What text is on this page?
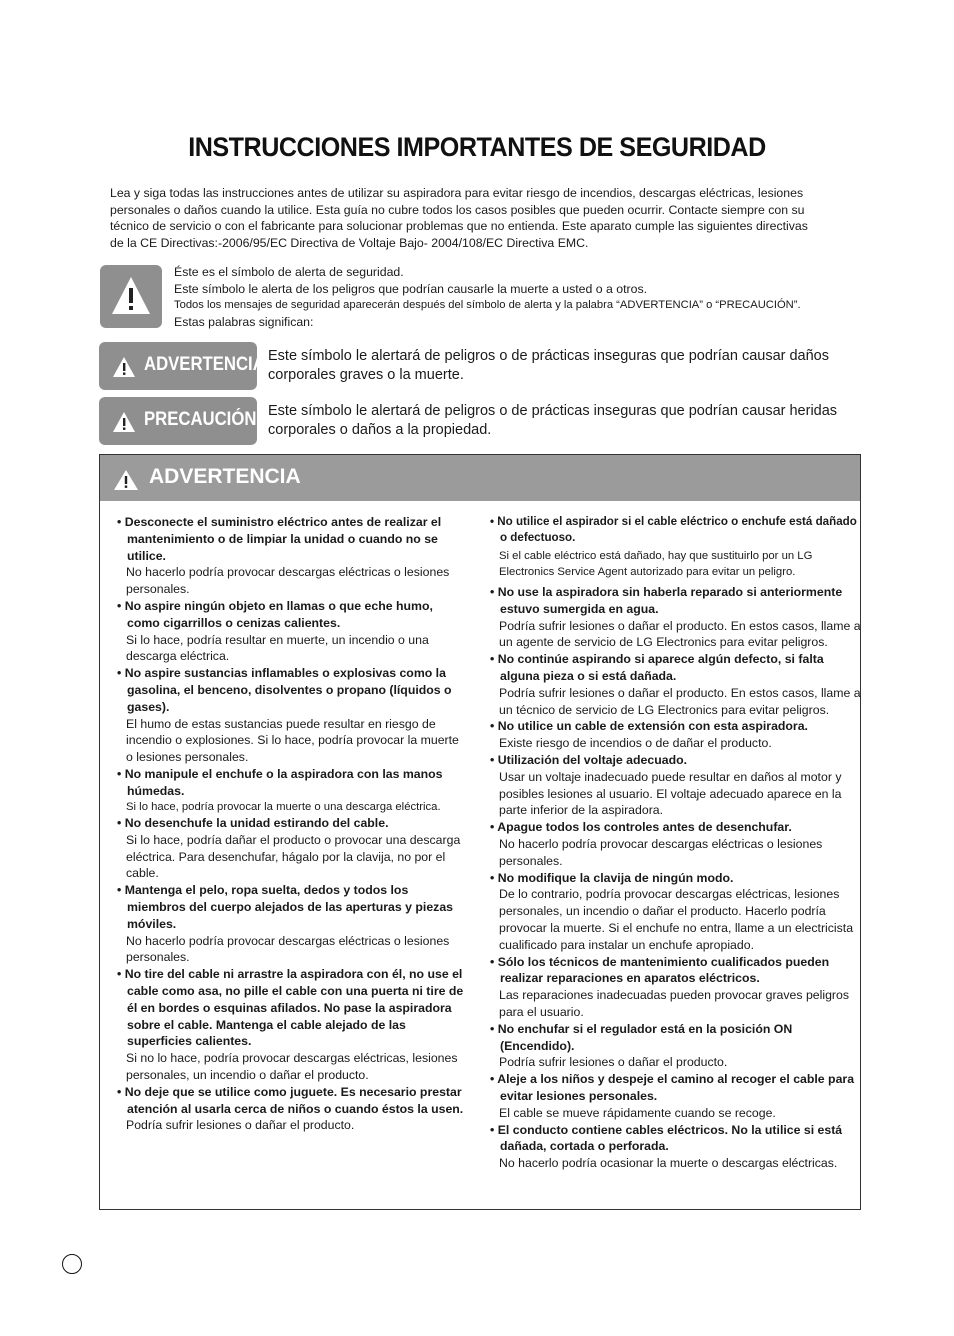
INSTRUCCIONES IMPORTANTES DE SEGURIDAD
Lea y siga todas las instrucciones antes de utilizar su aspiradora para evitar riesgo de incendios, descargas eléctricas, lesiones
personales o daños cuando la utilice. Esta guía no cubre todos los casos posibles que pueden ocurrir. Contacte siempre con su
técnico de servicio o con el fabricante para solucionar problemas que no entienda. Este aparato cumple las siguientes directivas
de la CE Directivas:-2006/95/EC Directiva de Voltaje Bajo- 2004/108/EC Directiva EMC.
Éste es el símbolo de alerta de seguridad.
Este símbolo le alerta de los peligros que podrían causarle la muerte a usted o a otros.
Todos los mensajes de seguridad aparecerán después del símbolo de alerta y la palabra “ADVERTENCIA” o “PRECAUCIÓN”.
Estas palabras significan:
ADVERTENCIA Este símbolo le alertará de peligros o de prácticas inseguras que podrían causar daños corporales graves o la muerte.
PRECAUCIÓN Este símbolo le alertará de peligros o de prácticas inseguras que podrían causar heridas corporales o daños a la propiedad.
ADVERTENCIA
• Desconecte el suministro eléctrico antes de realizar el mantenimiento o de limpiar la unidad o cuando no se utilice.
No hacerlo podría provocar descargas eléctricas o lesiones personales.
• No aspire ningún objeto en llamas o que eche humo, como cigarrillos o cenizas calientes.
Si lo hace, podría resultar en muerte, un incendio o una descarga eléctrica.
• No aspire sustancias inflamables o explosivas como la gasolina, el benceno, disolventes o propano (líquidos o gases).
El humo de estas sustancias puede resultar en riesgo de incendio o explosiones. Si lo hace, podría provocar la muerte o lesiones personales.
• No manipule el enchufe o la aspiradora con las manos húmedas.
Si lo hace, podría provocar la muerte o una descarga eléctrica.
• No desenchufe la unidad estirando del cable.
Si lo hace, podría dañar el producto o provocar una descarga eléctrica. Para desenchufar, hágalo por la clavija, no por el cable.
• Mantenga el pelo, ropa suelta, dedos y todos los miembros del cuerpo alejados de las aperturas y piezas móviles.
No hacerlo podría provocar descargas eléctricas o lesiones personales.
• No tire del cable ni arrastre la aspiradora con él, no use el cable como asa, no pille el cable con una puerta ni tire de él en bordes o esquinas afilados. No pase la aspiradora sobre el cable. Mantenga el cable alejado de las superficies calientes.
Si no lo hace, podría provocar descargas eléctricas, lesiones personales, un incendio o dañar el producto.
• No deje que se utilice como juguete. Es necesario prestar atención al usarla cerca de niños o cuando éstos la usen.
Podría sufrir lesiones o dañar el producto.
• No utilice el aspirador si el cable eléctrico o enchufe está dañado o defectuoso.
Si el cable eléctrico está dañado, hay que sustituirlo por un LG Electronics Service Agent autorizado para evitar un peligro.
• No use la aspiradora sin haberla reparado si anteriormente estuvo sumergida en agua.
Podría sufrir lesiones o dañar el producto. En estos casos, llame a un agente de servicio de LG Electronics para evitar peligros.
• No continúe aspirando si aparece algún defecto, si falta alguna pieza o si está dañada.
Podría sufrir lesiones o dañar el producto. En estos casos, llame a un técnico de servicio de LG Electronics para evitar peligros.
• No utilice un cable de extensión con esta aspiradora.
Existe riesgo de incendios o de dañar el producto.
• Utilización del voltaje adecuado.
Usar un voltaje inadecuado puede resultar en daños al motor y posibles lesiones al usuario. El voltaje adecuado aparece en la parte inferior de la aspiradora.
• Apague todos los controles antes de desenchufar.
No hacerlo podría provocar descargas eléctricas o lesiones personales.
• No modifique la clavija de ningún modo.
De lo contrario, podría provocar descargas eléctricas, lesiones personales, un incendio o dañar el producto. Hacerlo podría provocar la muerte. Si el enchufe no entra, llame a un electricista cualificado para instalar un enchufe apropiado.
• Sólo los técnicos de mantenimiento cualificados pueden realizar reparaciones en aparatos eléctricos.
Las reparaciones inadecuadas pueden provocar graves peligros para el usuario.
• No enchufar si el regulador está en la posición ON (Encendido).
Podría sufrir lesiones o dañar el producto.
• Aleje a los niños y despeje el camino al recoger el cable para evitar lesiones personales.
El cable se mueve rápidamente cuando se recoge.
• El conducto contiene cables eléctricos. No la utilice si está dañada, cortada o perforada.
No hacerlo podría ocasionar la muerte o descargas eléctricas.
